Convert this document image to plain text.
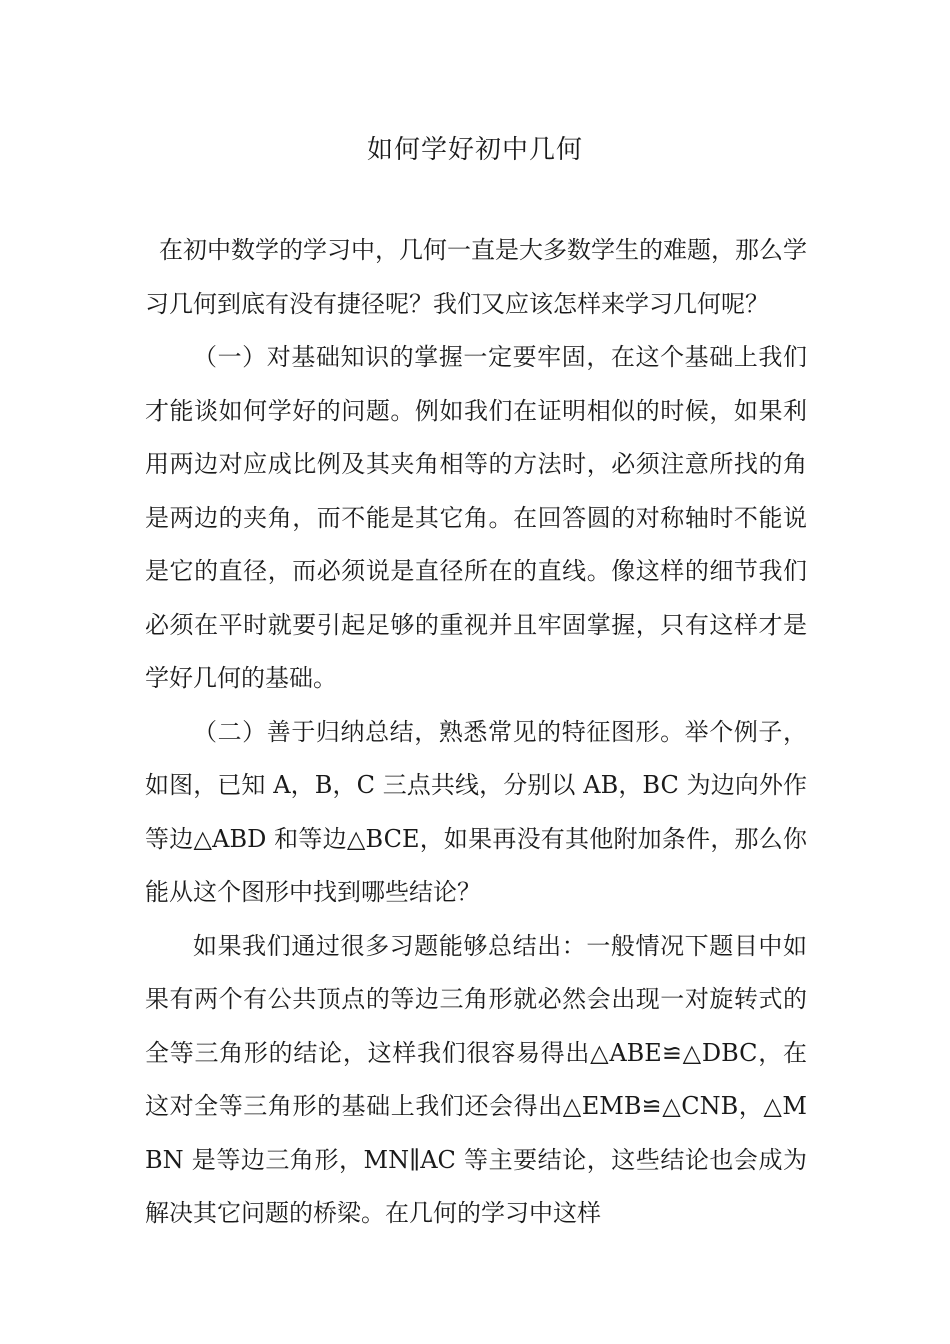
如何学好初中几何

在初中数学的学习中，几何一直是大多数学生的难题，那么学习几何到底有没有捷径呢？我们又应该怎样来学习几何呢？

（一）对基础知识的掌握一定要牢固，在这个基础上我们才能谈如何学好的问题。例如我们在证明相似的时候，如果利用两边对应成比例及其夹角相等的方法时，必须注意所找的角是两边的夹角，而不能是其它角。在回答圆的对称轴时不能说是它的直径，而必须说是直径所在的直线。像这样的细节我们必须在平时就要引起足够的重视并且牢固掌握，只有这样才是学好几何的基础。

（二）善于归纳总结，熟悉常见的特征图形。举个例子，如图，已知 A，B，C 三点共线，分别以 AB，BC 为边向外作等边△ABD 和等边△BCE，如果再没有其他附加条件，那么你能从这个图形中找到哪些结论？

如果我们通过很多习题能够总结出：一般情况下题目中如果有两个有公共顶点的等边三角形就必然会出现一对旋转式的全等三角形的结论，这样我们很容易得出△ABE≌△DBC，在这对全等三角形的基础上我们还会得出△EMB≌△CNB，△MBN 是等边三角形，MN∥AC 等主要结论，这些结论也会成为解决其它问题的桥梁。在几何的学习中这样
